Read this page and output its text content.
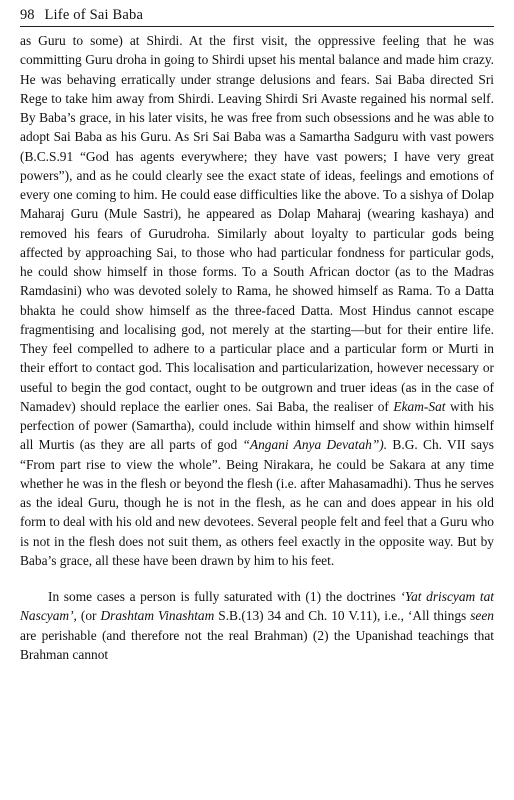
98 Life of Sai Baba

as Guru to some) at Shirdi. At the first visit, the oppressive feeling that he was committing Guru droha in going to Shirdi upset his mental balance and made him crazy. He was behaving erratically under strange delusions and fears. Sai Baba directed Sri Rege to take him away from Shirdi. Leaving Shirdi Sri Avaste regained his normal self. By Baba’s grace, in his later visits, he was free from such obsessions and he was able to adopt Sai Baba as his Guru. As Sri Sai Baba was a Samartha Sadguru with vast powers (B.C.S.91 “God has agents everywhere; they have vast powers; I have very great powers”), and as he could clearly see the exact state of ideas, feelings and emotions of every one coming to him. He could ease difficulties like the above. To a sishya of Dolap Maharaj Guru (Mule Sastri), he appeared as Dolap Maharaj (wearing kashaya) and removed his fears of Gurudroha. Similarly about loyalty to particular gods being affected by approaching Sai, to those who had particular fondness for particular gods, he could show himself in those forms. To a South African doctor (as to the Madras Ramdasini) who was devoted solely to Rama, he showed himself as Rama. To a Datta bhakta he could show himself as the three-faced Datta. Most Hindus cannot escape fragmentising and localising god, not merely at the starting—but for their entire life. They feel compelled to adhere to a particular place and a particular form or Murti in their effort to contact god. This localisation and particularization, however necessary or useful to begin the god contact, ought to be outgrown and truer ideas (as in the case of Namadev) should replace the earlier ones. Sai Baba, the realiser of Ekam-Sat with his perfection of power (Samartha), could include within himself and show within himself all Murtis (as they are all parts of god “Angani Anya Devatah”). B.G. Ch. VII says “From part rise to view the whole”. Being Nirakara, he could be Sakara at any time whether he was in the flesh or beyond the flesh (i.e. after Mahasamadhi). Thus he serves as the ideal Guru, though he is not in the flesh, as he can and does appear in his old form to deal with his old and new devotees. Several people felt and feel that a Guru who is not in the flesh does not suit them, as others feel exactly in the opposite way. But by Baba’s grace, all these have been drawn by him to his feet.

In some cases a person is fully saturated with (1) the doctrines ‘Yat driscyam tat Nascyam’, (or Drashtam Vinashtam S.B.(13) 34 and Ch. 10 V.11), i.e., ‘All things seen are perishable (and therefore not the real Brahman) (2) the Upanishad teachings that Brahman cannot
